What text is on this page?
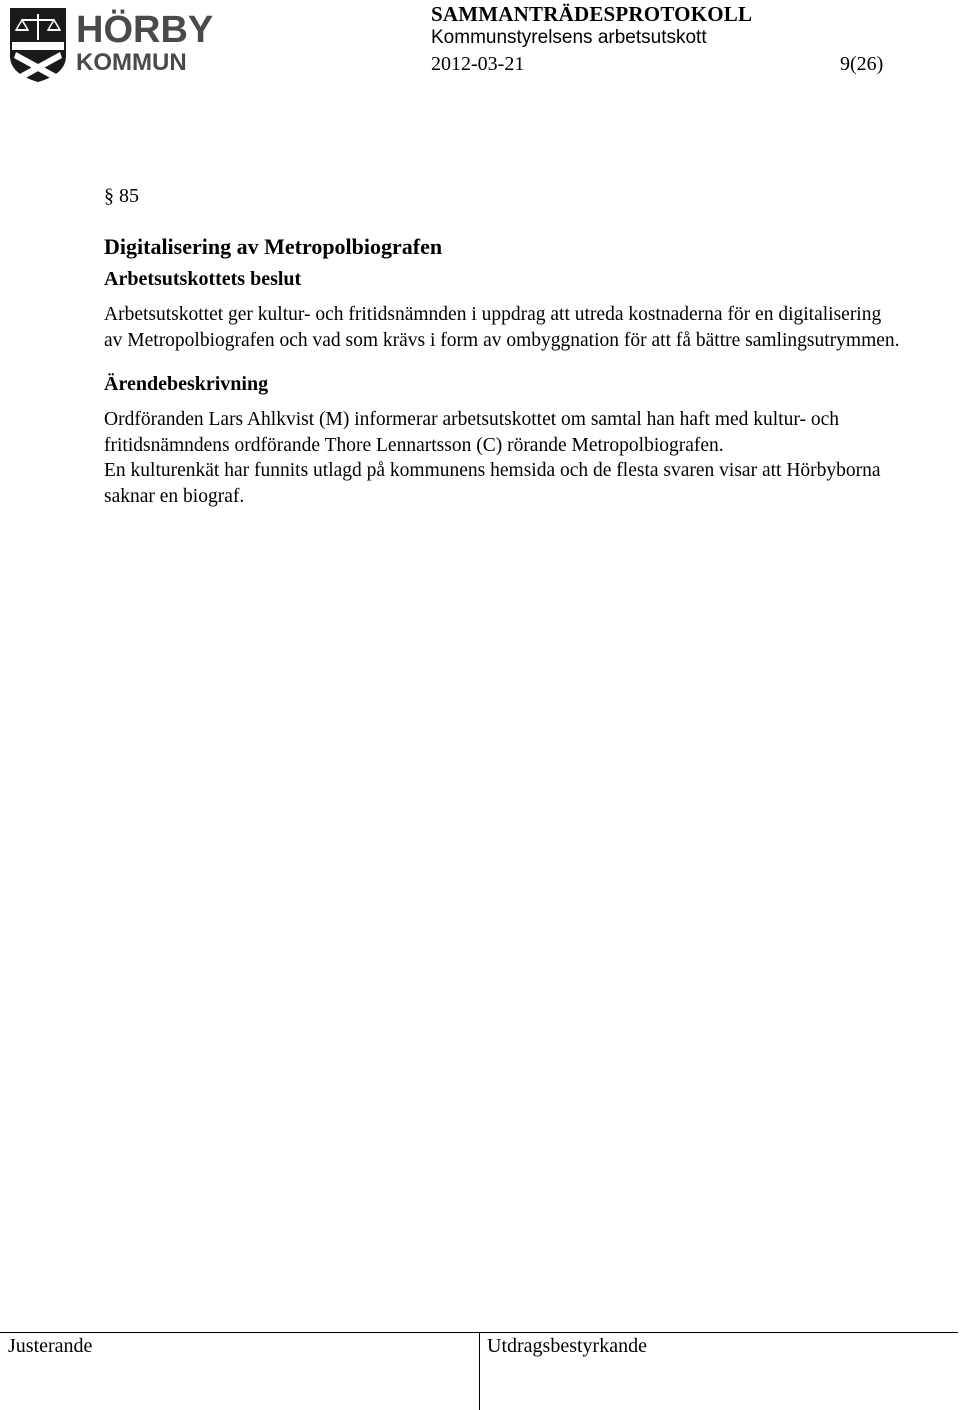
HÖRBY
KOMMUN
SAMMANTRÄDESPROTOKOLL
Kommunstyrelsens arbetsutskott
2012-03-21	9(26)
§ 85
Digitalisering av Metropolbiografen
Arbetsutskottets beslut

Arbetsutskottet ger kultur- och fritidsnämnden i uppdrag att utreda kostnaderna för en digitalisering av Metropolbiografen och vad som krävs i form av ombyggnation för att få bättre samlingsutrymmen.

Ärendebeskrivning

Ordföranden Lars Ahlkvist (M) informerar arbetsutskottet om samtal han haft med kultur- och fritidsnämndens ordförande Thore Lennartsson (C) rörande Metropolbiografen.

En kulturenkät har funnits utlagd på kommunens hemsida och de flesta svaren visar att Hörbyborna saknar en biograf.

Justerande	Utdragsbestyrkande
